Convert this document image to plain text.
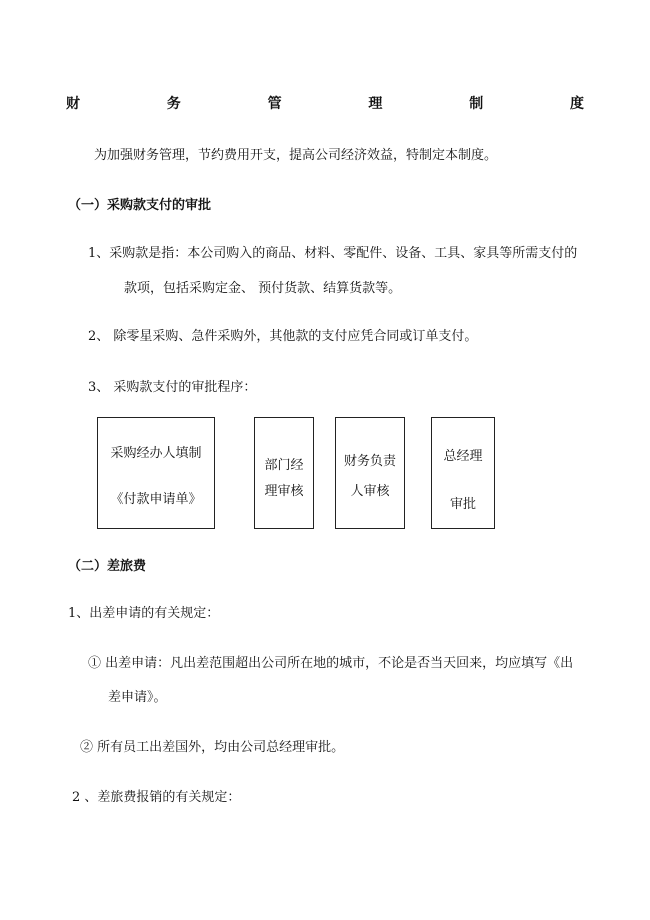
财	务	管	理	制	度
为加强财务管理，节约费用开支，提高公司经济效益，特制定本制度。
（一）采购款支付的审批
1、采购款是指：本公司购入的商品、材料、零配件、设备、工具、家具等所需支付的
款项，包括采购定金、 预付货款、结算货款等。
2、 除零星采购、急件采购外，其他款的支付应凭合同或订单支付。
3、 采购款支付的审批程序：
采购经办人填制
《付款申请单》
部门经
理审核
财务负责
人审核
总经理
审批
（二）差旅费
1、出差申请的有关规定：
① 出差申请：凡出差范围超出公司所在地的城市，不论是否当天回来，均应填写《出
差申请》。
② 所有员工出差国外，均由公司总经理审批。
2 、差旅费报销的有关规定：
